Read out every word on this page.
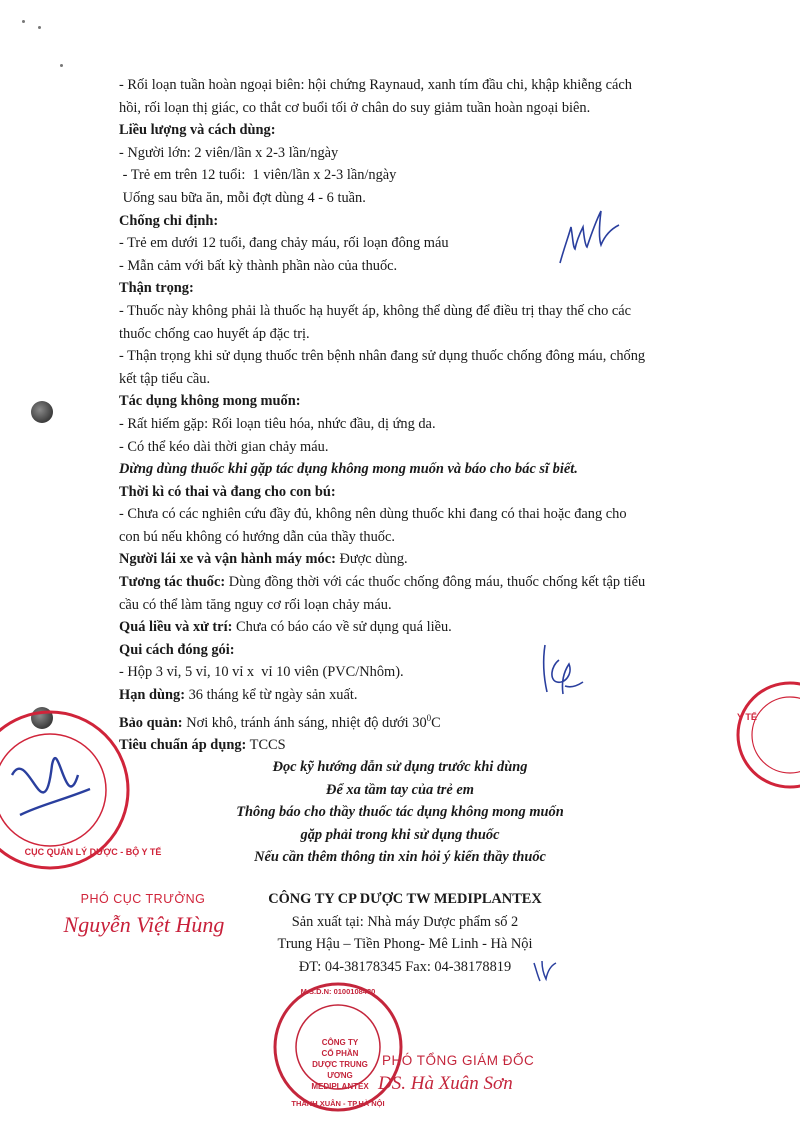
- Rối loạn tuần hoàn ngoại biên: hội chứng Raynaud, xanh tím đầu chi, khập khiễng cách

hồi, rối loạn thị giác, co thắt cơ buổi tối ở chân do suy giảm tuần hoàn ngoại biên.

Liều lượng và cách dùng:

- Người lớn: 2 viên/lần x 2-3 lần/ngày

- Trẻ em trên 12 tuổi:  1 viên/lần x 2-3 lần/ngày

Uống sau bữa ăn, mỗi đợt dùng 4 - 6 tuần.

Chống chỉ định:

- Trẻ em dưới 12 tuổi, đang chảy máu, rối loạn đông máu

- Mẫn cảm với bất kỳ thành phần nào của thuốc.

Thận trọng:

- Thuốc này không phải là thuốc hạ huyết áp, không thể dùng để điều trị thay thế cho các

thuốc chống cao huyết áp đặc trị.

- Thận trọng khi sử dụng thuốc trên bệnh nhân đang sử dụng thuốc chống đông máu, chống

kết tập tiểu cầu.

Tác dụng không mong muốn:

- Rất hiếm gặp: Rối loạn tiêu hóa, nhức đầu, dị ứng da.

- Có thể kéo dài thời gian chảy máu.

Dừng dùng thuốc khi gặp tác dụng không mong muốn và báo cho bác sĩ biết.

Thời kì có thai và đang cho con bú:

- Chưa có các nghiên cứu đầy đủ, không nên dùng thuốc khi đang có thai hoặc đang cho

con bú nếu không có hướng dẫn của thầy thuốc.

Người lái xe và vận hành máy móc: Được dùng.

Tương tác thuốc: Dùng đồng thời với các thuốc chống đông máu, thuốc chống kết tập tiểu

cầu có thể làm tăng nguy cơ rối loạn chảy máu.

Quá liều và xử trí: Chưa có báo cáo về sử dụng quá liều.

Qui cách đóng gói:

- Hộp 3 vỉ, 5 vỉ, 10 vỉ x  vỉ 10 viên (PVC/Nhôm).

Hạn dùng: 36 tháng kể từ ngày sản xuất.

Bảo quản: Nơi khô, tránh ánh sáng, nhiệt độ dưới $30^0C$

Tiêu chuẩn áp dụng: TCCS

CỤC QUẢN LÝ DƯỢC - BỘ Y TẾ
Y TẾ
PHÓ CỤC TRƯỞNG
Nguyễn Việt Hùng

Đọc kỹ hướng dẫn sử dụng trước khi dùng

Để xa tầm tay của trẻ em

Thông báo cho thầy thuốc tác dụng không mong muốn

gặp phải trong khi sử dụng thuốc

Nếu cần thêm thông tin xin hỏi ý kiến thầy thuốc

CÔNG TY CP DƯỢC TW MEDIPLANTEX

Sản xuất tại: Nhà máy Dược phẩm số 2

Trung Hậu – Tiền Phong- Mê Linh - Hà Nội

ĐT: 04-38178345 Fax: 04-38178819

M.S.D.N: 0100108430
THANH XUÂN - TP.HÀ NỘI
CÔNG TY
CỔ PHẦN
DƯỢC TRUNG ƯƠNG
MEDIPLANTEX
PHÓ TỔNG GIÁM ĐỐC
DS. Hà Xuân Sơn
